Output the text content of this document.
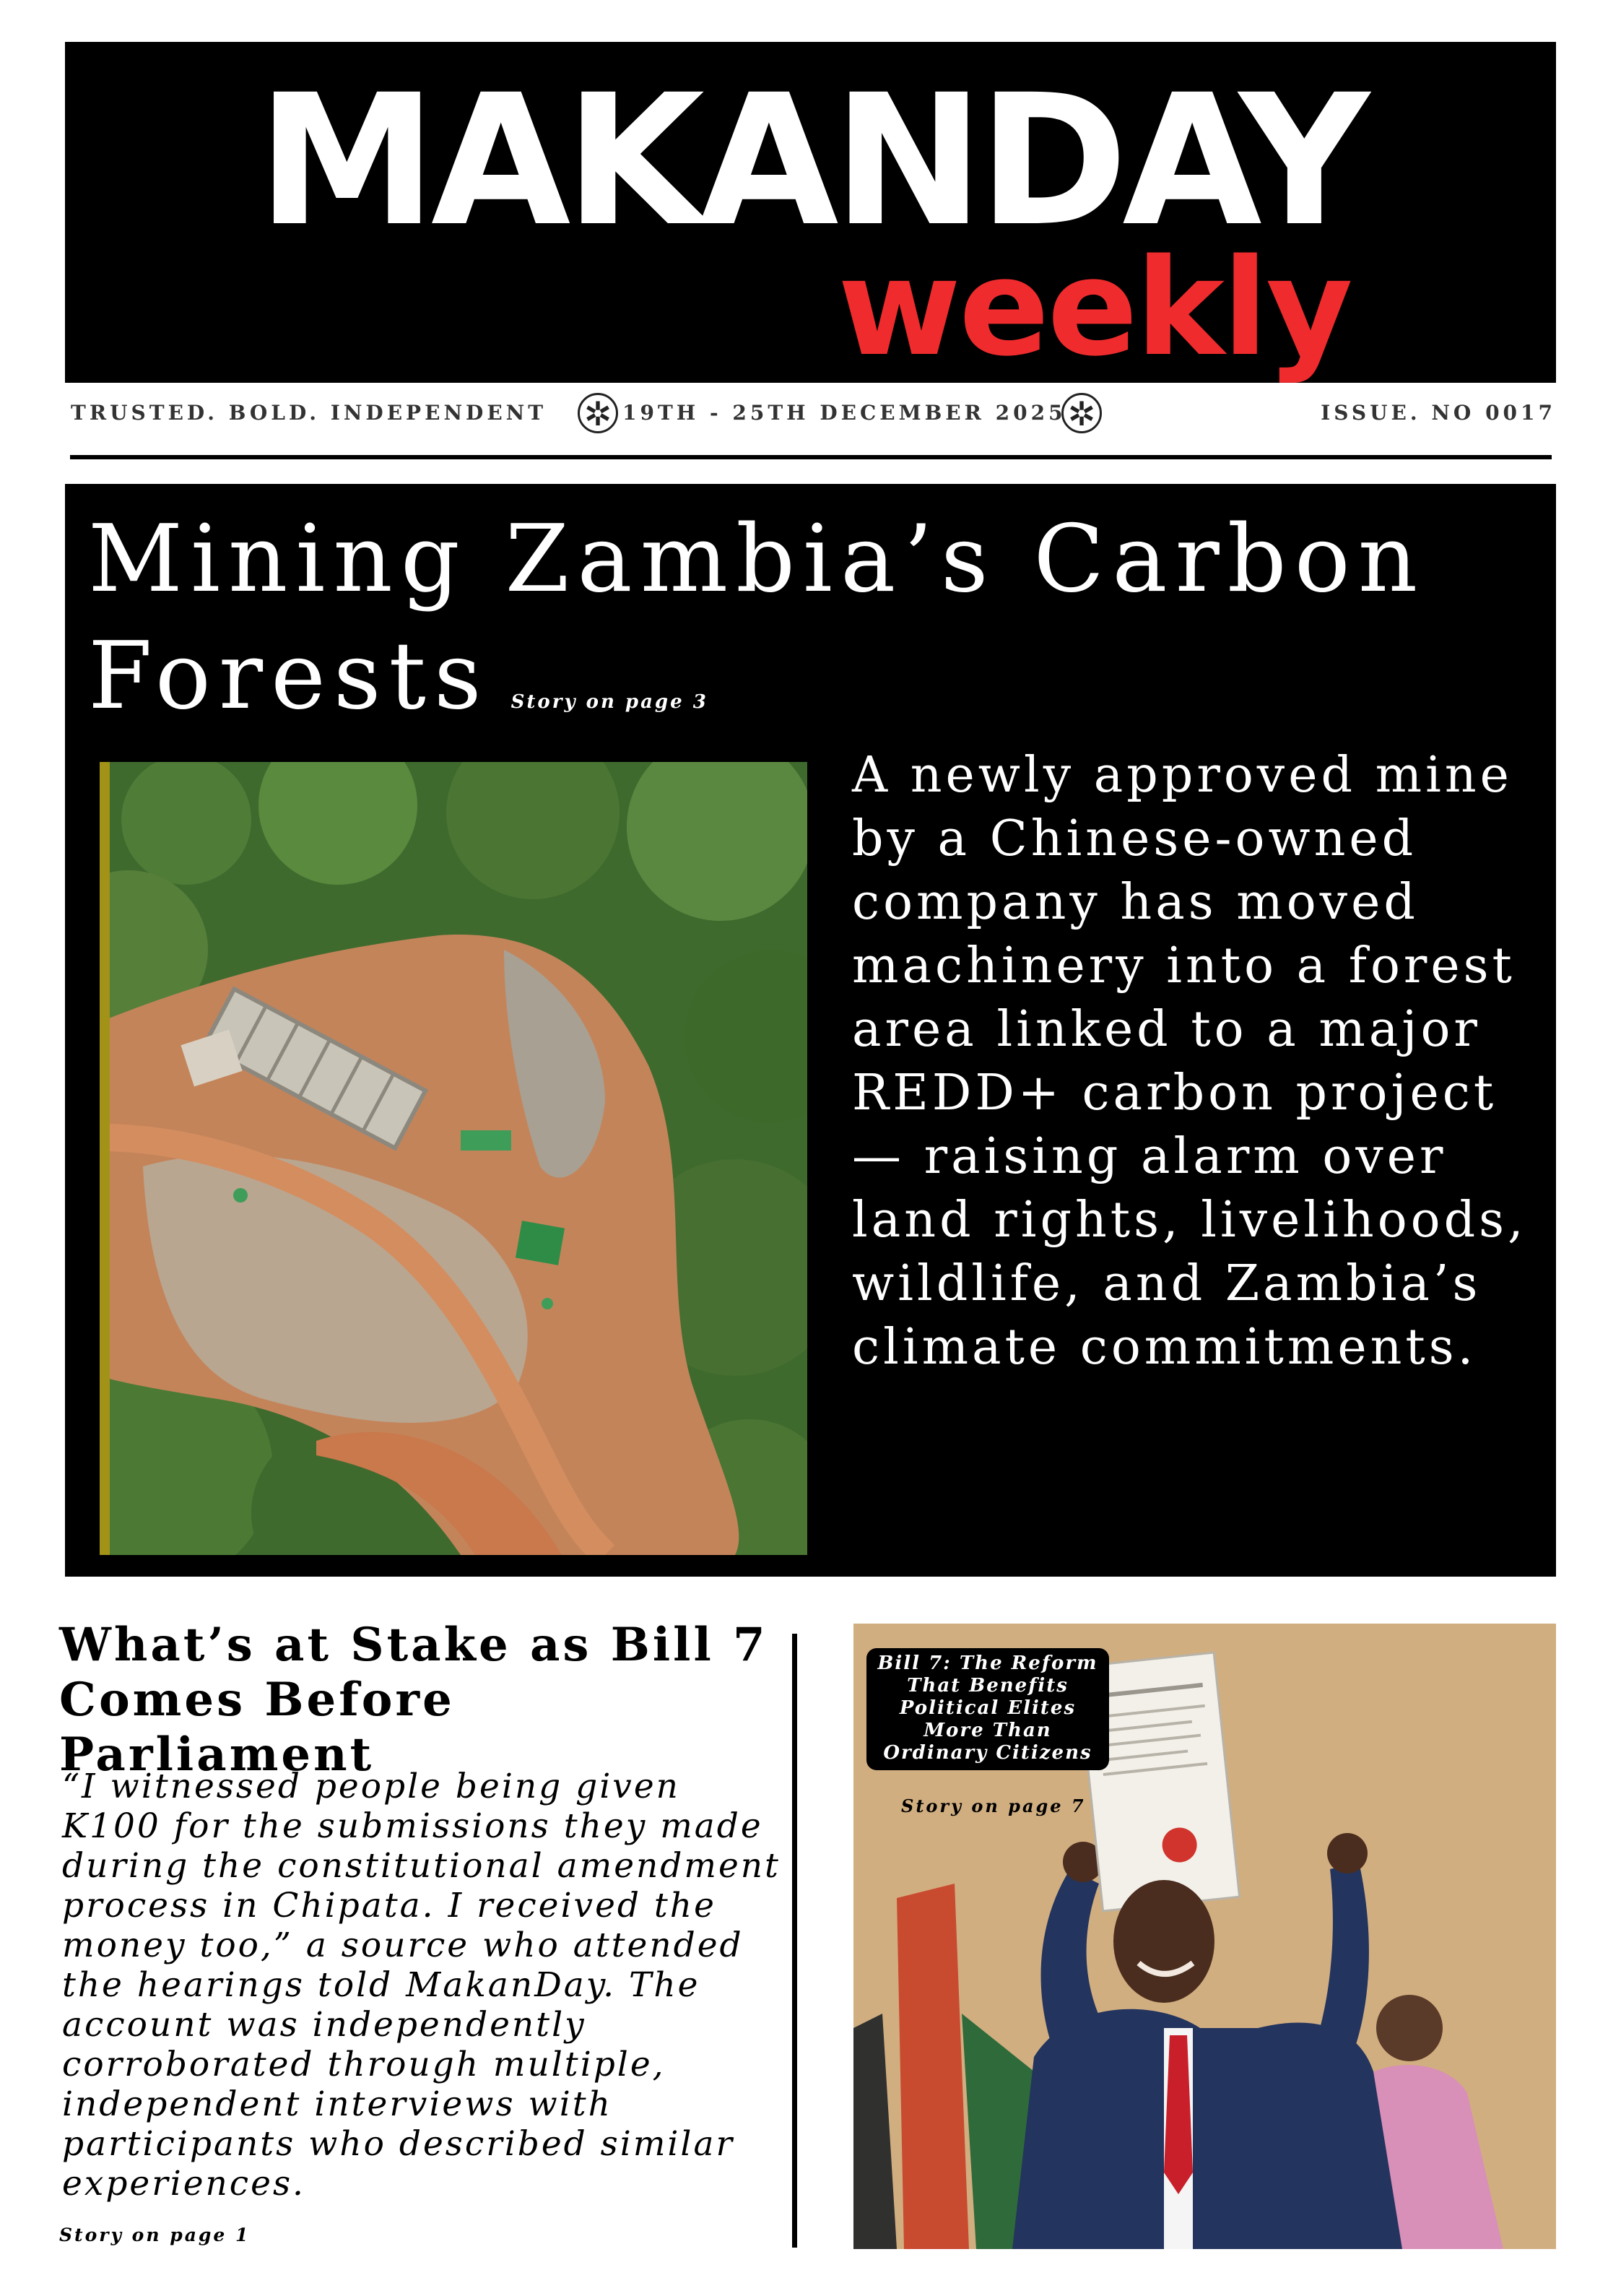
MAKANDAY
weekly
TRUSTED. BOLD. INDEPENDENT ✲ 19TH - 25TH DECEMBER 2025 ✲	ISSUE. NO 0017
Mining Zambia’s Carbon Forests Story on page 3
A newly approved mine by a Chinese-owned company has moved machinery into a forest area linked to a major REDD+ carbon project — raising alarm over land rights, livelihoods, wildlife, and Zambia’s climate commitments.
What’s at Stake as Bill 7 Comes Before Parliament
“I witnessed people being given K100 for the submissions they made during the constitutional amendment process in Chipata. I received the money too,” a source who attended the hearings told MakanDay. The account was independently corroborated through multiple, independent interviews with participants who described similar experiences.
Story on page 1
Bill 7: The Reform That Benefits Political Elites More Than Ordinary Citizens
Story on page 7
